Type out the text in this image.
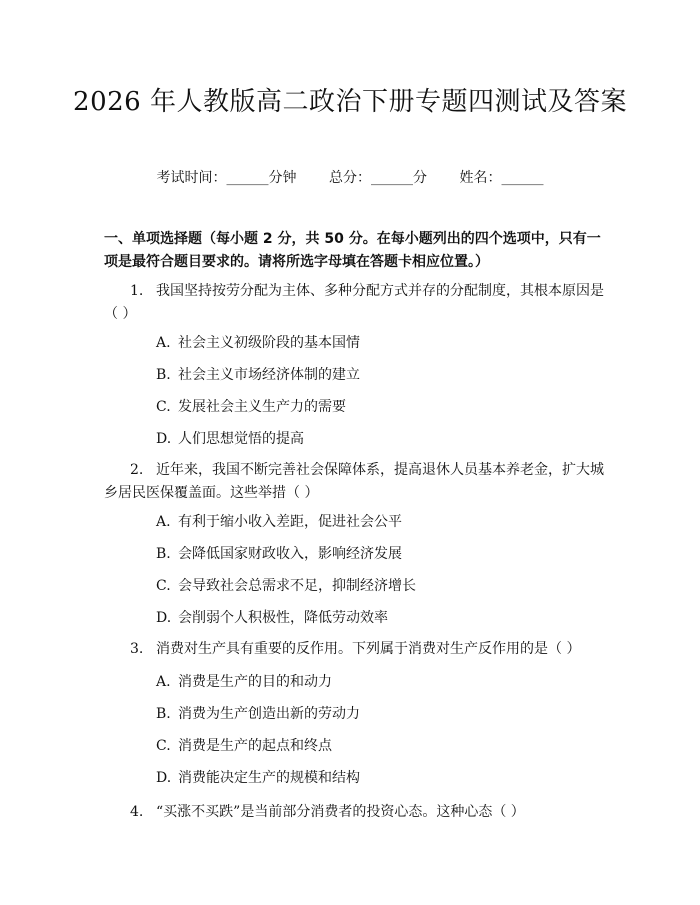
2026 年人教版高二政治下册专题四测试及答案
考试时间：______分钟 总分：______分 姓名：______
一、单项选择题（每小题 2 分，共 50 分。在每小题列出的四个选项中，只有一项是最符合题目要求的。请将所选字母填在答题卡相应位置。）
1. 我国坚持按劳分配为主体、多种分配方式并存的分配制度，其根本原因是（ ）
A. 社会主义初级阶段的基本国情
B. 社会主义市场经济体制的建立
C. 发展社会主义生产力的需要
D. 人们思想觉悟的提高
2. 近年来，我国不断完善社会保障体系，提高退休人员基本养老金，扩大城乡居民医保覆盖面。这些举措（ ）
A. 有利于缩小收入差距，促进社会公平
B. 会降低国家财政收入，影响经济发展
C. 会导致社会总需求不足，抑制经济增长
D. 会削弱个人积极性，降低劳动效率
3. 消费对生产具有重要的反作用。下列属于消费对生产反作用的是（ ）
A. 消费是生产的目的和动力
B. 消费为生产创造出新的劳动力
C. 消费是生产的起点和终点
D. 消费能决定生产的规模和结构
4. “买涨不买跌”是当前部分消费者的投资心态。这种心态（ ）
